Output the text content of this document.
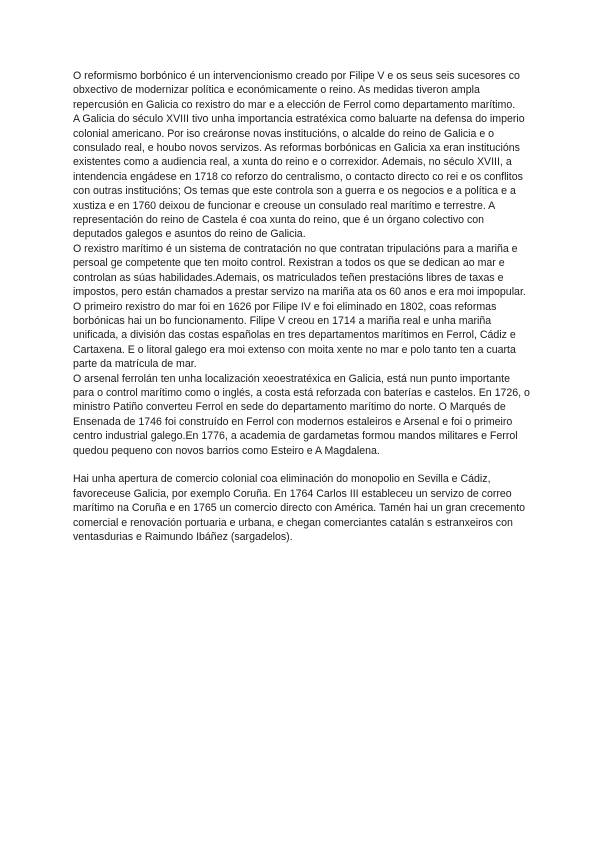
O reformismo borbónico é un intervencionismo creado por Filipe V e os seus seis sucesores co obxectivo de modernizar política e económicamente o reino. As medidas tiveron ampla repercusión en Galicia co rexistro do mar e a elección de Ferrol como departamento marítimo.

A Galicia do século XVIII tivo unha importancia estratéxica como baluarte na defensa do imperio colonial americano. Por iso creáronse novas institucións, o alcalde do reino de Galicia e o consulado real, e houbo novos servizos. As reformas borbónicas en Galicia xa eran institucións existentes como a audiencia real, a xunta do reino e o correxidor. Ademais, no século XVIII, a intendencia engádese en 1718 co reforzo do centralismo, o contacto directo co rei e os conflitos con outras institucións; Os temas que este controla son a guerra e os negocios e a política e a xustiza e en 1760 deixou de funcionar e creouse un consulado real marítimo e terrestre. A representación do reino de Castela é coa xunta do reino, que é un órgano colectivo con deputados galegos e asuntos do reino de Galicia.

O rexistro marítimo é un sistema de contratación no que contratan tripulacións para a mariña e persoal ge competente que ten moito control. Rexistran a todos os que se dedican ao mar e controlan as súas habilidades.Ademais, os matriculados teñen prestacións libres de taxas e impostos, pero están chamados a prestar servizo na mariña ata os 60 anos e era moi impopular.

O primeiro rexistro do mar foi en 1626 por Filipe IV e foi eliminado en 1802, coas reformas borbónicas hai un bo funcionamento. Filipe V creou en 1714 a mariña real e unha mariña unificada, a división das costas españolas en tres departamentos marítimos en Ferrol, Cádiz e Cartaxena. E o litoral galego era moi extenso con moita xente no mar e polo tanto ten a cuarta parte da matrícula de mar.

O arsenal ferrolán ten unha localización xeoestratéxica en Galicia, está nun punto importante para o control marítimo como o inglés, a costa está reforzada con baterías e castelos. En 1726, o ministro Patiño converteu Ferrol en sede do departamento marítimo do norte. O Marqués de Ensenada de 1746 foi construído en Ferrol con modernos estaleiros e Arsenal e foi o primeiro centro industrial galego.En 1776, a academia de gardametas formou mandos militares e Ferrol quedou pequeno con novos barrios como Esteiro e A Magdalena.

Hai unha apertura de comercio colonial coa eliminación do monopolio en Sevilla e Cádiz, favoreceuse Galicia, por exemplo Coruña. En 1764 Carlos III estableceu un servizo de correo marítimo na Coruña e en 1765 un comercio directo con América. Tamén hai un gran crecemento comercial e renovación portuaria e urbana, e chegan comerciantes catalán s estranxeiros con ventasdurias e Raimundo Ibáñez (sargadelos).
